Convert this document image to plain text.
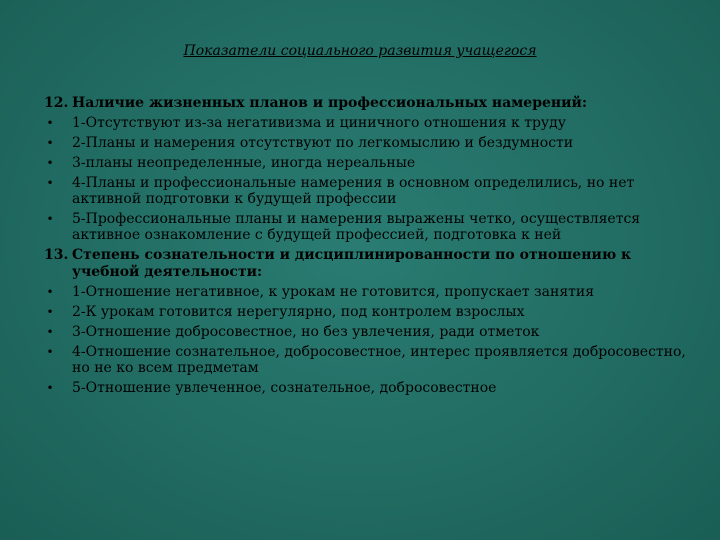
Показатели социального развития учащегося
12. Наличие жизненных планов и профессиональных намерений:
• 1-Отсутствуют из-за негативизма и циничного отношения к труду
• 2-Планы и намерения отсутствуют по легкомыслию и бездумности
• 3-планы неопределенные, иногда нереальные
• 4-Планы и профессиональные намерения в основном определились, но нет активной подготовки к будущей профессии
• 5-Профессиональные планы и намерения выражены четко, осуществляется активное ознакомление с будущей профессией, подготовка к ней
13. Степень сознательности и дисциплинированности по отношению к учебной деятельности:
• 1-Отношение негативное, к урокам не готовится, пропускает занятия
• 2-К урокам готовится нерегулярно, под контролем взрослых
• 3-Отношение добросовестное, но без увлечения, ради отметок
• 4-Отношение сознательное, добросовестное, интерес проявляется добросовестно, но не ко всем предметам
• 5-Отношение увлеченное, сознательное, добросовестное
